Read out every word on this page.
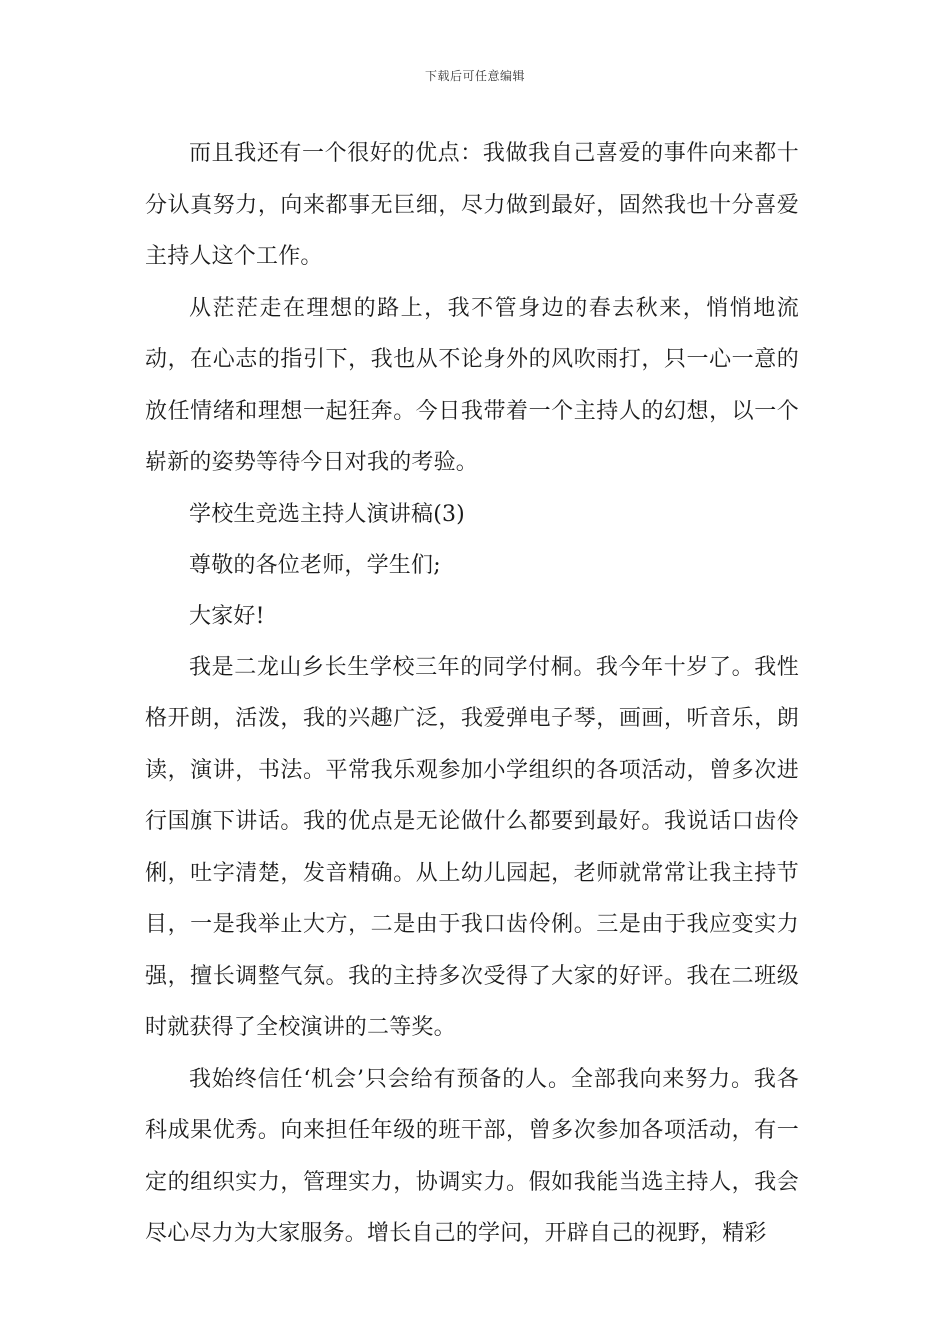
下载后可任意编辑

而且我还有一个很好的优点：我做我自己喜爱的事件向来都十分认真努力，向来都事无巨细，尽力做到最好，固然我也十分喜爱主持人这个工作。

从茫茫走在理想的路上，我不管身边的春去秋来，悄悄地流动，在心志的指引下，我也从不论身外的风吹雨打，只一心一意的放任情绪和理想一起狂奔。今日我带着一个主持人的幻想，以一个崭新的姿势等待今日对我的考验。

学校生竞选主持人演讲稿(3)

尊敬的各位老师，学生们;

大家好!

我是二龙山乡长生学校三年的同学付桐。我今年十岁了。我性格开朗，活泼，我的兴趣广泛，我爱弹电子琴，画画，听音乐，朗读，演讲，书法。平常我乐观参加小学组织的各项活动，曾多次进行国旗下讲话。我的优点是无论做什么都要到最好。我说话口齿伶俐，吐字清楚，发音精确。从上幼儿园起，老师就常常让我主持节目，一是我举止大方，二是由于我口齿伶俐。三是由于我应变实力强，擅长调整气氛。我的主持多次受得了大家的好评。我在二班级时就获得了全校演讲的二等奖。

我始终信任‘机会’只会给有预备的人。全部我向来努力。我各科成果优秀。向来担任年级的班干部，曾多次参加各项活动，有一定的组织实力，管理实力，协调实力。假如我能当选主持人，我会尽心尽力为大家服务。增长自己的学问，开辟自己的视野，精彩
